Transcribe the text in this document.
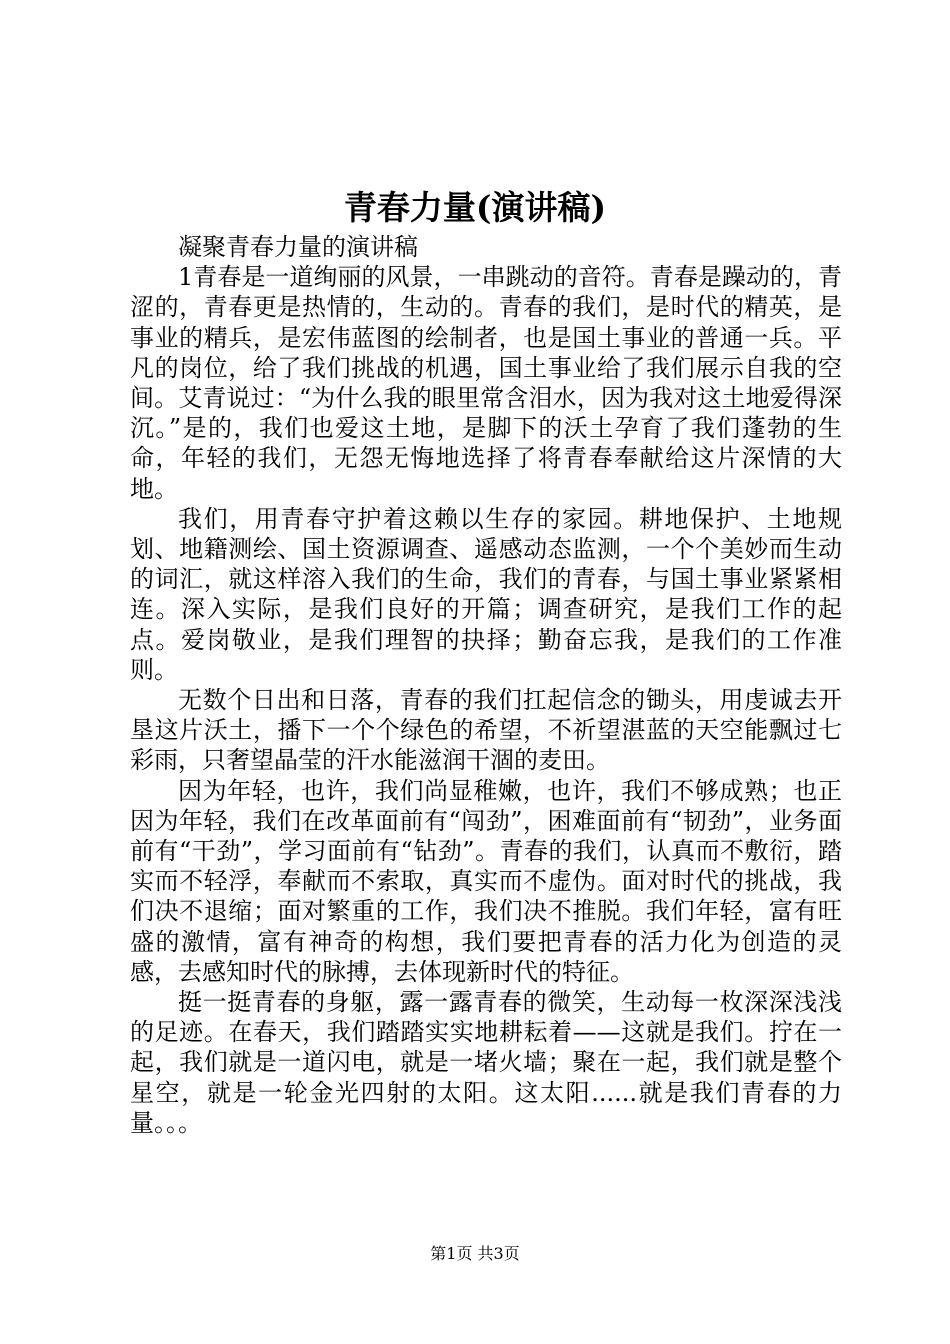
青春力量(演讲稿)

凝聚青春力量的演讲稿

1青春是一道绚丽的风景，一串跳动的音符。青春是躁动的，青涩的，青春更是热情的，生动的。青春的我们，是时代的精英，是事业的精兵，是宏伟蓝图的绘制者，也是国土事业的普通一兵。平凡的岗位，给了我们挑战的机遇，国土事业给了我们展示自我的空间。艾青说过：“为什么我的眼里常含泪水，因为我对这土地爱得深沉。”是的，我们也爱这土地，是脚下的沃土孕育了我们蓬勃的生命，年轻的我们，无怨无悔地选择了将青春奉献给这片深情的大地。

我们，用青春守护着这赖以生存的家园。耕地保护、土地规划、地籍测绘、国土资源调查、遥感动态监测，一个个美妙而生动的词汇，就这样溶入我们的生命，我们的青春，与国土事业紧紧相连。深入实际，是我们良好的开篇；调查研究，是我们工作的起点。爱岗敬业，是我们理智的抉择；勤奋忘我，是我们的工作准则。

无数个日出和日落，青春的我们扛起信念的锄头，用虔诚去开垦这片沃土，播下一个个绿色的希望，不祈望湛蓝的天空能飘过七彩雨，只奢望晶莹的汗水能滋润干涸的麦田。

因为年轻，也许，我们尚显稚嫩，也许，我们不够成熟；也正因为年轻，我们在改革面前有“闯劲”，困难面前有“韧劲”，业务面前有“干劲”，学习面前有“钻劲”。青春的我们，认真而不敷衍，踏实而不轻浮，奉献而不索取，真实而不虚伪。面对时代的挑战，我们决不退缩；面对繁重的工作，我们决不推脱。我们年轻，富有旺盛的激情，富有神奇的构想，我们要把青春的活力化为创造的灵感，去感知时代的脉搏，去体现新时代的特征。

挺一挺青春的身躯，露一露青春的微笑，生动每一枚深深浅浅的足迹。在春天，我们踏踏实实地耕耘着——这就是我们。拧在一起，我们就是一道闪电，就是一堵火墙；聚在一起，我们就是整个星空，就是一轮金光四射的太阳。这太阳......就是我们青春的力量。。。

第1页 共3页
